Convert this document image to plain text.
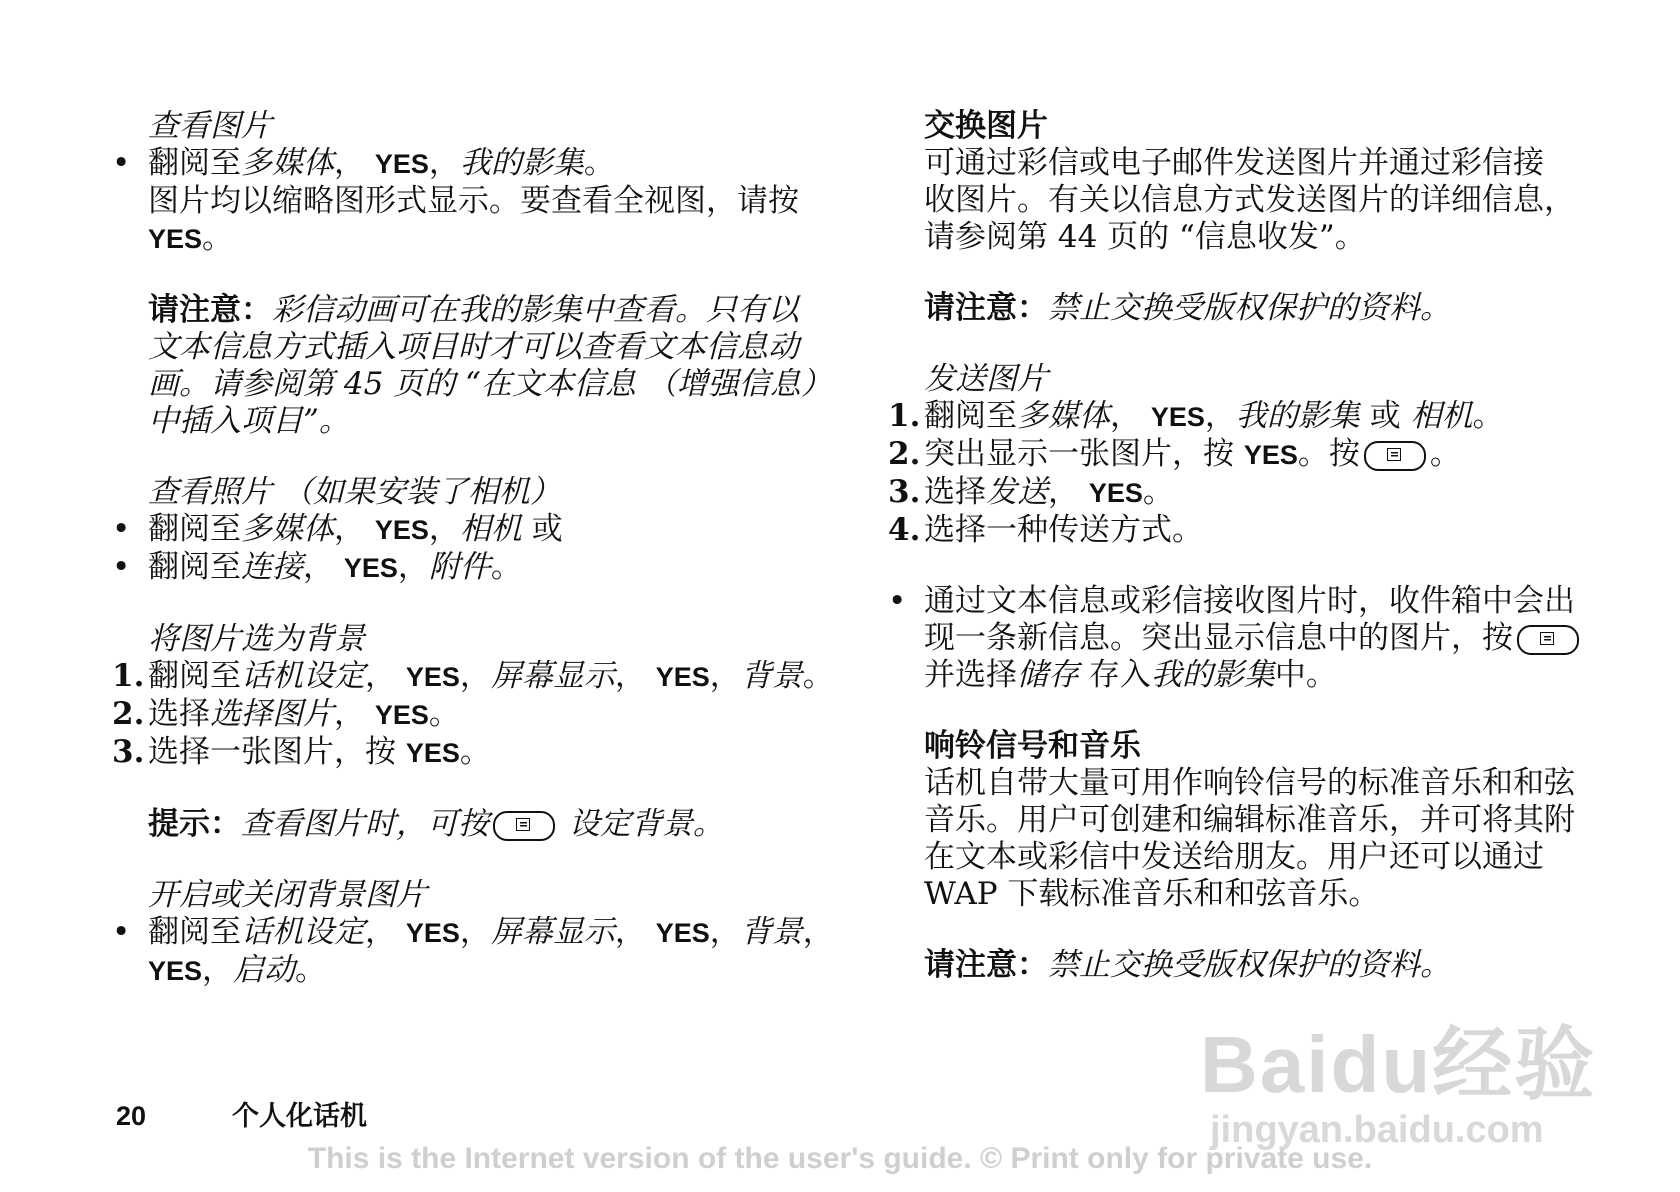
查看图片
• 翻阅至多媒体， YES，我的影集。
图片均以缩略图形式显示。要查看全视图，请按
YES。
请注意：彩信动画可在我的影集中查看。只有以
文本信息方式插入项目时才可以查看文本信息动
画。请参阅第 45 页的 “在文本信息 （增强信息）
中插入项目”。
查看照片 （如果安装了相机）
• 翻阅至多媒体， YES，相机 或
• 翻阅至连接， YES，附件。
将图片选为背景
1. 翻阅至话机设定， YES，屏幕显示， YES，背景。
2. 选择选择图片， YES。
3. 选择一张图片，按 YES。
提示：查看图片时，可按 设定背景。
开启或关闭背景图片
• 翻阅至话机设定， YES，屏幕显示， YES，背景，
YES，启动。
交换图片
可通过彩信或电子邮件发送图片并通过彩信接
收图片。有关以信息方式发送图片的详细信息，
请参阅第 44 页的 “信息收发”。
请注意：禁止交换受版权保护的资料。
发送图片
1. 翻阅至多媒体， YES，我的影集 或 相机。
2. 突出显示一张图片，按 YES。按 。
3. 选择发送， YES。
4. 选择一种传送方式。
• 通过文本信息或彩信接收图片时，收件箱中会出
现一条新信息。突出显示信息中的图片，按
并选择储存 存入我的影集中。
响铃信号和音乐
话机自带大量可用作响铃信号的标准音乐和和弦
音乐。用户可创建和编辑标准音乐，并可将其附
在文本或彩信中发送给朋友。用户还可以通过
WAP 下载标准音乐和和弦音乐。
请注意：禁止交换受版权保护的资料。
Baidu经验
jingyan.baidu.com
20	个人化话机
This is the Internet version of the user's guide. © Print only for private use.
